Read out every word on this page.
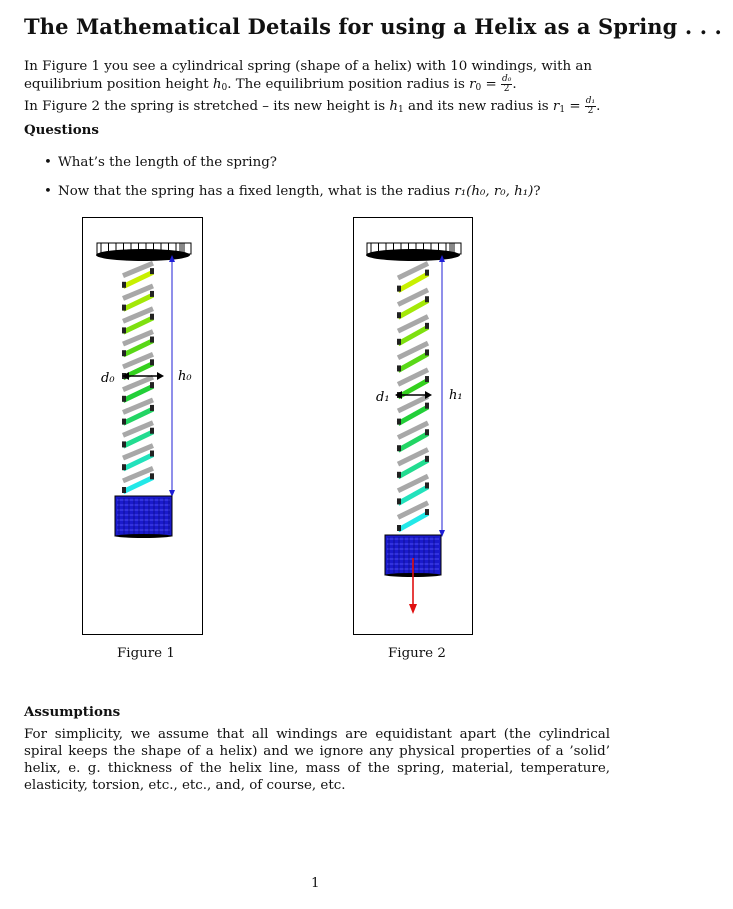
The Mathematical Details for using a Helix as a Spring . . .

In Figure 1 you see a cylindrical spring (shape of a helix) with 10 windings, with an equilibrium position height $h_0$. The equilibrium position radius is $r_0 = \frac{\text{d₀}}{2}$ .

In Figure 2 the spring is stretched – its new height is $h_1$ and its new radius is $r_1 = \frac{\text{d₁}}{2}$ .

Questions
• What’s the length of the spring?
• Now that the spring has a fixed length, what is the radius r₁(h₀, r₀, h₁)?
d₀	h₀
Figure 1
d₁	h₁
Figure 2
Assumptions

For simplicity, we assume that all windings are equidistant apart (the cylindrical spiral keeps the shape of a helix) and we ignore any physical properties of a ’solid’ helix, e. g. thickness of the helix line, mass of the spring, material, temperature, elasticity, torsion, etc., etc., and, of course, etc.

1
